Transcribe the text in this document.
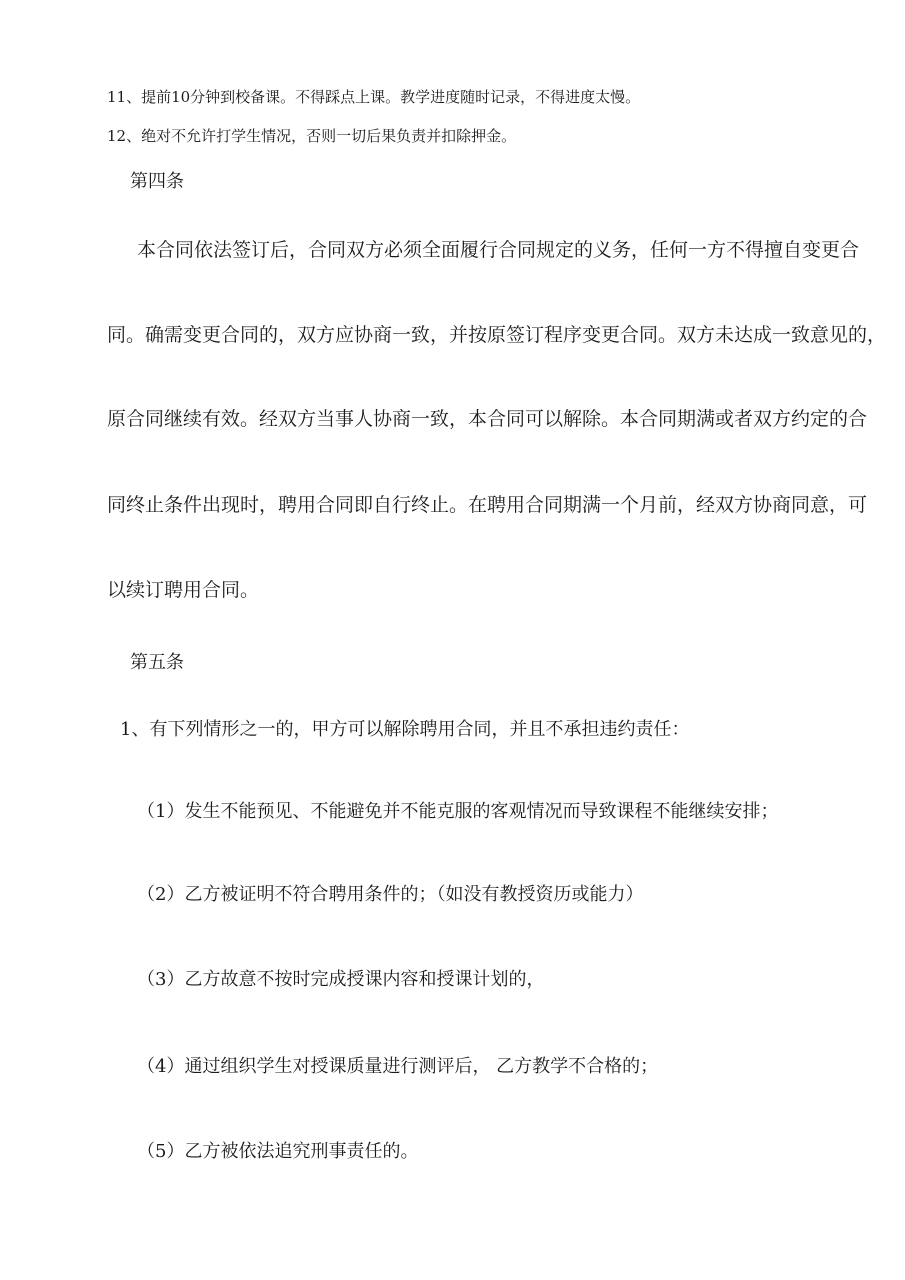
11、提前10分钟到校备课。不得踩点上课。教学进度随时记录，不得进度太慢。

12、绝对不允许打学生情况，否则一切后果负责并扣除押金。

第四条

本合同依法签订后，合同双方必须全面履行合同规定的义务，任何一方不得擅自变更合

同。确需变更合同的，双方应协商一致，并按原签订程序变更合同。双方未达成一致意见的，

原合同继续有效。经双方当事人协商一致，本合同可以解除。本合同期满或者双方约定的合

同终止条件出现时，聘用合同即自行终止。在聘用合同期满一个月前，经双方协商同意，可

以续订聘用合同。

第五条

1、有下列情形之一的，甲方可以解除聘用合同，并且不承担违约责任：

（1）发生不能预见、不能避免并不能克服的客观情况而导致课程不能继续安排；

（2）乙方被证明不符合聘用条件的；（如没有教授资历或能力）

（3）乙方故意不按时完成授课内容和授课计划的，

（4）通过组织学生对授课质量进行测评后， 乙方教学不合格的；

（5）乙方被依法追究刑事责任的。
